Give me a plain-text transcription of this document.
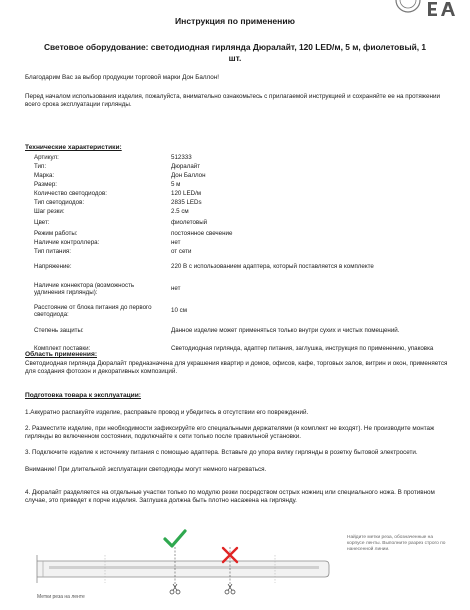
Инструкция по применению
Световое оборудование: светодиодная гирлянда Дюралайт, 120 LED/м, 5 м, фиолетовый, 1 шт.
Благодарим Вас за выбор продукции торговой марки Дон Баллон!
Перед началом использования изделия, пожалуйста, внимательно ознакомьтесь с прилагаемой инструкцией и сохраняйте ее на протяжении всего срока эксплуатации гирлянды.
Технические характеристики:
Артикул:	512333
Тип:	Дюралайт
Марка:	Дон Баллон
Размер:	5 м
Количество светодиодов:	120 LED/м
Тип светодиодов:	2835 LEDs
Шаг резки:	2.5 см
Цвет:	фиолетовый
Режим работы:	постоянное свечение
Наличие контроллера:	нет
Тип питания:	от сети
Напряжение:	220 В с использованием адаптера, который поставляется в комплекте
Наличие коннектора (возможность удлинения гирлянды):	нет
Расстояние от блока питания до первого светодиода:	10 см
Степень защиты:	Данное изделие может применяться только внутри сухих и чистых помещений.
Комплект поставки:	Светодиодная гирлянда, адаптер питания, заглушка, инструкция по применению, упаковка
Область применения:
Светодиодная гирлянда Дюралайт предназначена для украшения квартир и домов, офисов, кафе, торговых залов, витрин и окон, применяется для создания фотозон и декоративных композиций.
Подготовка товара к эксплуатации:
1.Аккуратно распакуйте изделие, расправьте провод и убедитесь в отсутствии его повреждений.
2. Разместите изделие, при необходимости зафиксируйте его специальными держателями (в комплект не входят). Не производите монтаж гирлянды во включенном состоянии, подключайте к сети только после правильной установки.
3. Подключите изделие к источнику питания с помощью адаптера. Вставьте до упора вилку гирлянды в розетку бытовой электросети.
Внимание! При длительной эксплуатации светодиоды могут немного нагреваться.
4. Дюралайт разделяется на отдельные участки только по модулю резки посредством острых ножниц или специального ножа. В противном случае, это приведет к порче изделия. Заглушка должна быть плотно насажена на гирлянду.
Метки реза на ленте
Найдите метки реза, обозначенные на корпусе ленты. Выполните разрез строго по нанесенной линии.
